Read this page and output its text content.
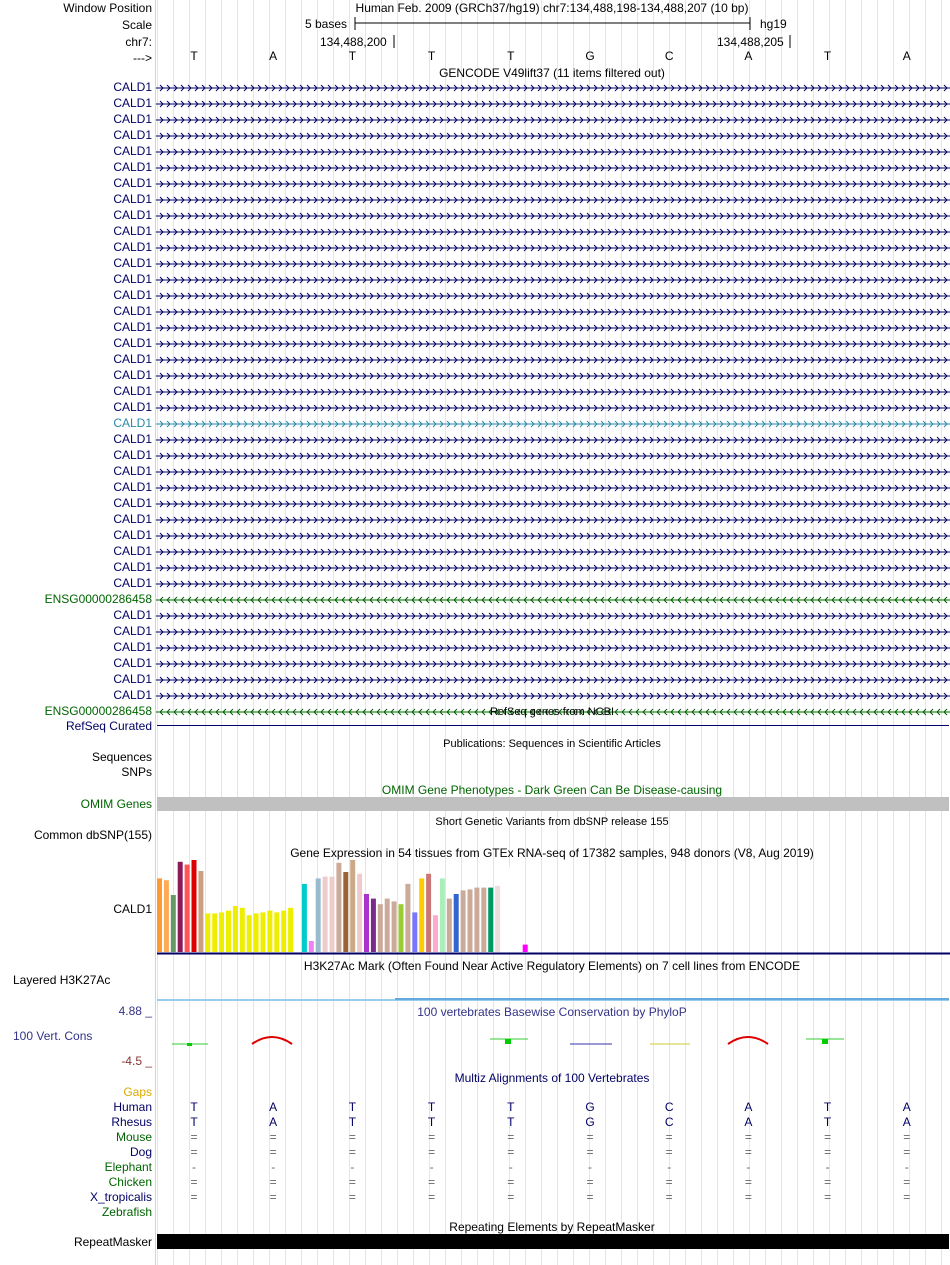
Window Position
Scale
chr7:
--->
Human Feb. 2009 (GRCh37/hg19) chr7:134,488,198-134,488,207 (10 bp)
5 bases	hg19
134,488,200	134,488,205
T	A	T	T	T	G	C	A	T	A
GENCODE V49lift37 (11 items filtered out)
CALD1
CALD1
CALD1
CALD1
CALD1
CALD1
CALD1
CALD1
CALD1
CALD1
CALD1
CALD1
CALD1
CALD1
CALD1
CALD1
CALD1
CALD1
CALD1
CALD1
CALD1
CALD1
CALD1
CALD1
CALD1
CALD1
CALD1
CALD1
CALD1
CALD1
CALD1
CALD1
ENSG00000286458
CALD1
CALD1
CALD1
CALD1
CALD1
CALD1
ENSG00000286458	RefSeq genes from NCBI
RefSeq Curated
Publications: Sequences in Scientific Articles
Sequences
SNPs
OMIM Gene Phenotypes - Dark Green Can Be Disease-causing
OMIM Genes
Short Genetic Variants from dbSNP release 155
Common dbSNP(155)
Gene Expression in 54 tissues from GTEx RNA-seq of 17382 samples, 948 donors (V8, Aug 2019)
CALD1
H3K27Ac Mark (Often Found Near Active Regulatory Elements) on 7 cell lines from ENCODE
Layered H3K27Ac
100 vertebrates Basewise Conservation by PhyloP
4.88 _
100 Vert. Cons
-4.5 _
Multiz Alignments of 100 Vertebrates
Gaps
Human	T	A	T	T	T	G	C	A	T	A
Rhesus	T	A	T	T	T	G	C	A	T	A
Mouse	=	=	=	=	=	=	=	=	=	=
Dog	=	=	=	=	=	=	=	=	=	=
Elephant	-	-	-	-	-	-	-	-	-	-
Chicken	=	=	=	=	=	=	=	=	=	=
X_tropicalis	=	=	=	=	=	=	=	=	=	=
Zebrafish
Repeating Elements by RepeatMasker
RepeatMasker
